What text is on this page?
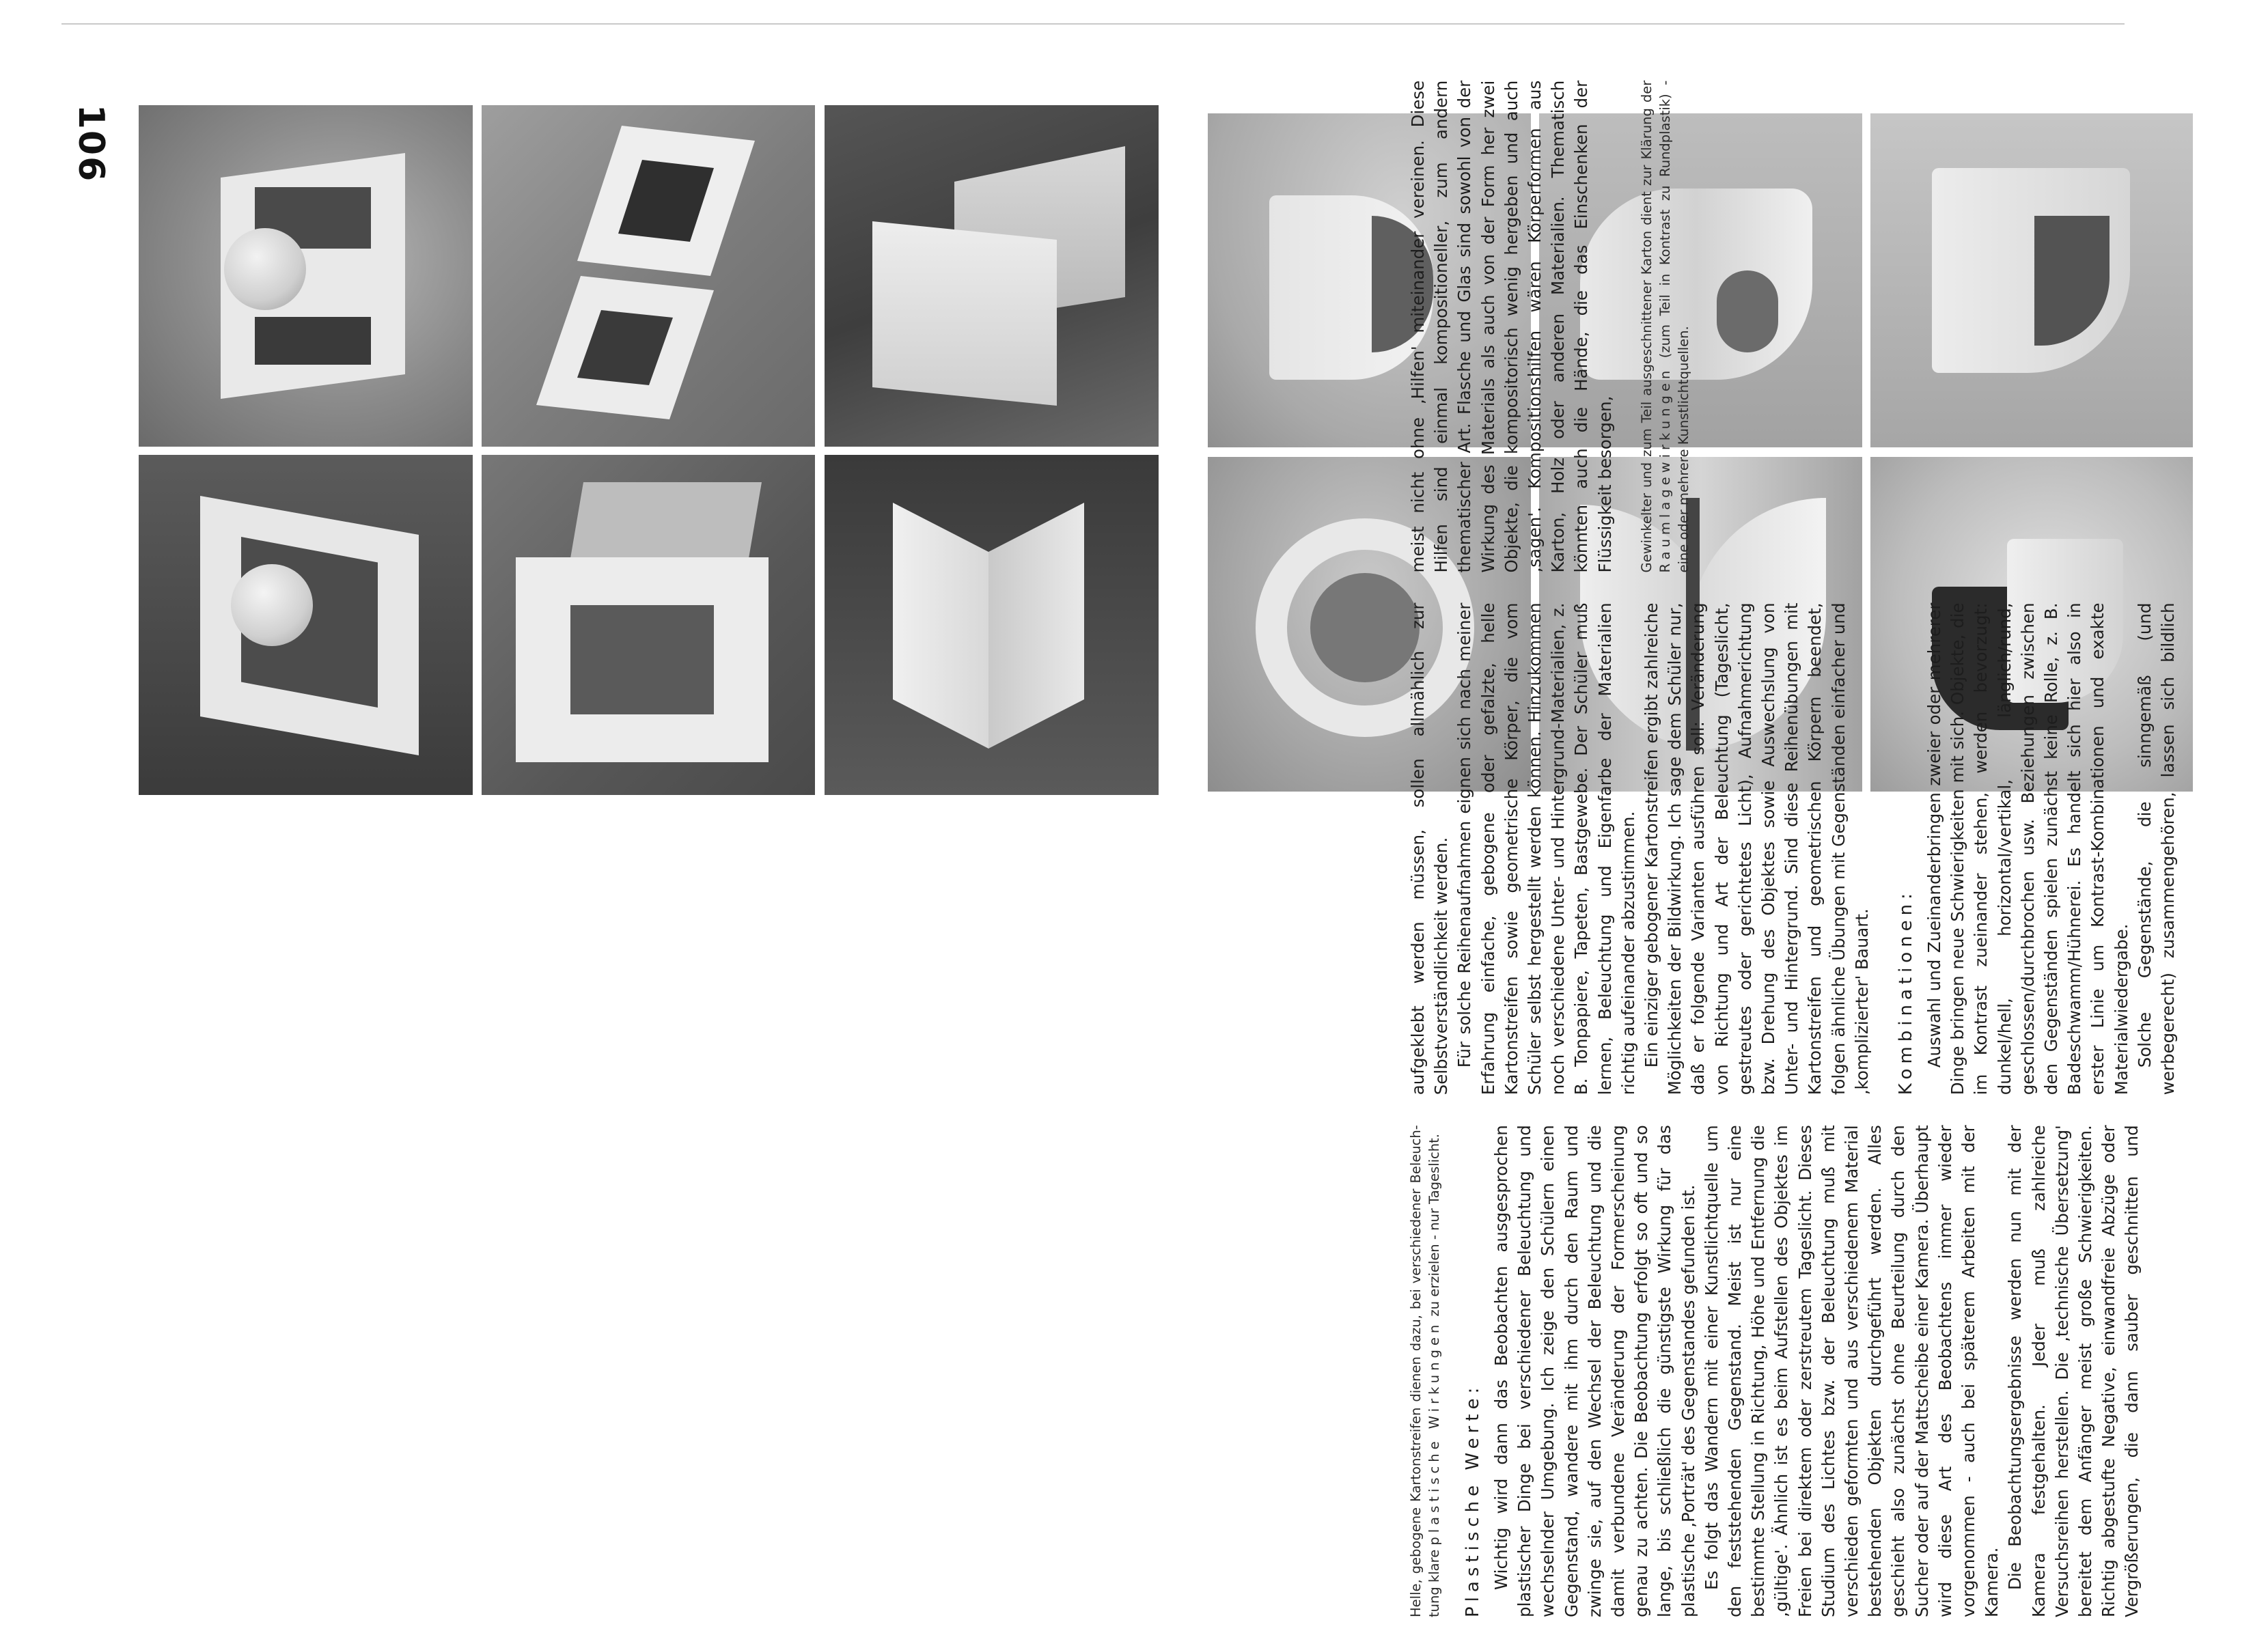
106

Helle, gebogene Kartonstreifen dienen dazu, bei verschiedener Beleuch- tung klare plastische Wirkungen zu erzielen - nur Tageslicht.

Plastische Werte: Wichtig wird dann das Beobachten ausgesprochen plastischer Dinge bei verschiedener Beleuchtung und wechselnder Umgebung. Ich zeige den Schülern einen Gegenstand, wandere mit ihm durch den Raum und zwinge sie, auf den Wechsel der Beleuchtung und die damit verbundene Veränderung der Formerscheinung genau zu achten. Die Beobachtung erfolgt so oft und so lange, bis schließlich die günstigste Wirkung für das plastische ‚Porträt' des Gegenstandes gefunden ist. Es folgt das Wandern mit einer Kunstlichtquelle um den feststehenden Gegenstand. Meist ist nur eine bestimmte Stellung in Richtung, Höhe und Entfernung die ‚gültige'. Ähnlich ist es beim Aufstellen des Objektes im Freien bei direktem oder zerstreutem Tageslicht. Dieses Studium des Lichtes bzw. der Beleuchtung muß mit verschieden geformten und aus verschiedenem Material bestehenden Objekten durchgeführt werden. Alles geschieht also zunächst ohne Beurteilung durch den Sucher oder auf der Mattscheibe einer Kamera. Überhaupt wird diese Art des Beobachtens immer wieder vorgenommen - auch bei späterem Arbeiten mit der Kamera. Die Beobachtungsergebnisse werden nun mit der Kamera festgehalten. Jeder muß zahlreiche Versuchsreihen herstellen. Die ‚technische Übersetzung' bereitet dem Anfänger meist große Schwierigkeiten. Richtig abgestufte Negative, einwandfreie Abzüge oder Vergrößerungen, die dann sauber geschnitten und aufgeklebt werden müssen, sollen allmählich zur Selbstverständlichkeit werden. Für solche Reihenaufnahmen eignen sich nach meiner Erfahrung einfache, gebogene oder gefalzte, helle Kartonstreifen sowie geometrische Körper, die vom Schüler selbst hergestellt werden können. Hinzukommen noch verschiedene Unter- und Hintergrund-Materialien, z. B. Tonpapiere, Tapeten, Bastgewebe. Der Schüler muß lernen, Beleuchtung und Eigenfarbe der Materialien richtig aufeinander abzustimmen. Ein einziger gebogener Kartonstreifen ergibt zahlreiche Möglichkeiten der Bildwirkung. Ich sage dem Schüler nur, daß er folgende Varianten ausführen soll: Veränderung von Richtung und Art der Beleuchtung (Tageslicht, gestreutes oder gerichtetes Licht), Aufnahmerichtung bzw. Drehung des Objektes sowie Auswechslung von Unter- und Hintergrund. Sind diese Reihenübungen mit Kartonstreifen und geometrischen Körpern beendet, folgen ähnliche Übungen mit Gegenständen einfacher und ‚komplizierter' Bauart. Kombinationen: Auswahl und Zueinanderbringen zweier oder mehrerer Dinge bringen neue Schwierigkeiten mit sich. Objekte, die im Kontrast zueinander stehen, werden bevorzugt: dunkel/hell, horizontal/vertikal, länglich/rund, geschlossen/durchbrochen usw. Beziehungen zwischen den Gegenständen spielen zunächst keine Rolle, z. B. Badeschwamm/Hühnerei. Es handelt sich hier also in erster Linie um Kontrast-Kombinationen und exakte Materialwiedergabe. Solche Gegenstände, die sinngemäß (und werbegerecht) zusammengehören, lassen sich bildlich meist nicht ohne ‚Hilfen' miteinander vereinen. Diese Hilfen sind einmal kompositioneller, zum andern thematischer Art. Flasche und Glas sind sowohl von der Wirkung des Materials als auch von der Form her zwei Objekte, die kompositorisch wenig hergeben und auch ‚sagen'. Kompositionshilfen wären Körperformen aus Karton, Holz oder anderen Materialien. Thematisch könnten auch die Hände, die das Einschenken der Flüssigkeit besorgen,	Gewinkelter und zum Teil ausgeschnittener Karton dient zur Klärung der Raumlagewirkungen (zum Teil in Kontrast zu Rundplastik) - eine oder mehrere Kunstlichtquellen.
